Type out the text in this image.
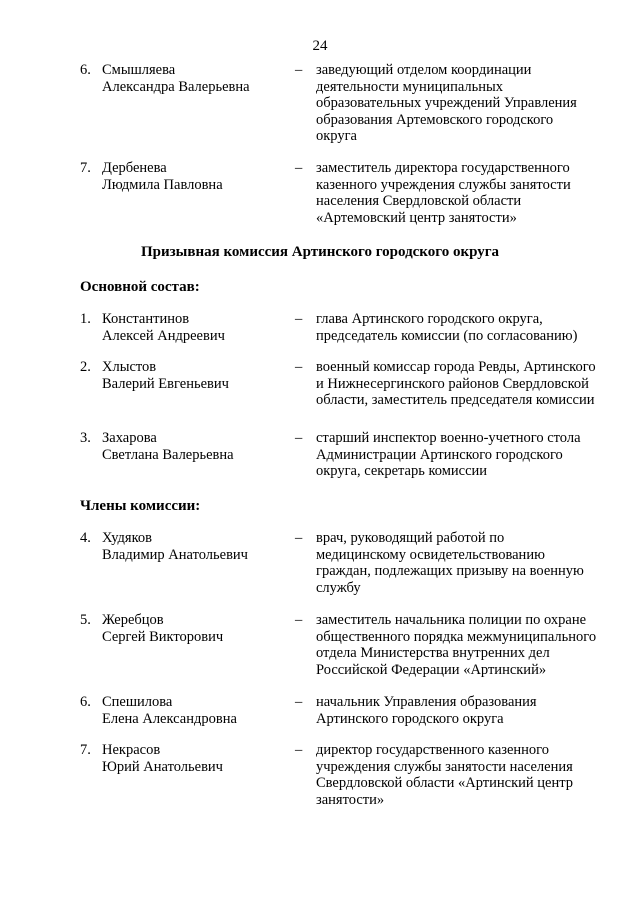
24
6. Смышляева
Александра Валерьевна
– заведующий отделом координации
деятельности муниципальных
образовательных учреждений Управления
образования Артемовского городского
округа
7. Дербенева
Людмила Павловна
– заместитель директора государственного
казенного учреждения службы занятости
населения Свердловской области
«Артемовский центр занятости»
Призывная комиссия Артинского городского округа
Основной состав:
1. Константинов
Алексей Андреевич
– глава Артинского городского округа,
председатель комиссии (по согласованию)
2. Хлыстов
Валерий Евгеньевич
– военный комиссар города Ревды, Артинского
и Нижнесергинского районов Свердловской
области, заместитель председателя комиссии
3. Захарова
Светлана Валерьевна
– старший инспектор военно-учетного стола
Администрации Артинского городского
округа, секретарь комиссии
Члены комиссии:
4. Худяков
Владимир Анатольевич
– врач, руководящий работой по
медицинскому освидетельствованию
граждан, подлежащих призыву на военную
службу
5. Жеребцов
Сергей Викторович
– заместитель начальника полиции по охране
общественного порядка межмуниципального
отдела Министерства внутренних дел
Российской Федерации «Артинский»
6. Спешилова
Елена Александровна
– начальник Управления образования
Артинского городского округа
7. Некрасов
Юрий Анатольевич
– директор государственного казенного
учреждения службы занятости населения
Свердловской области «Артинский центр
занятости»
